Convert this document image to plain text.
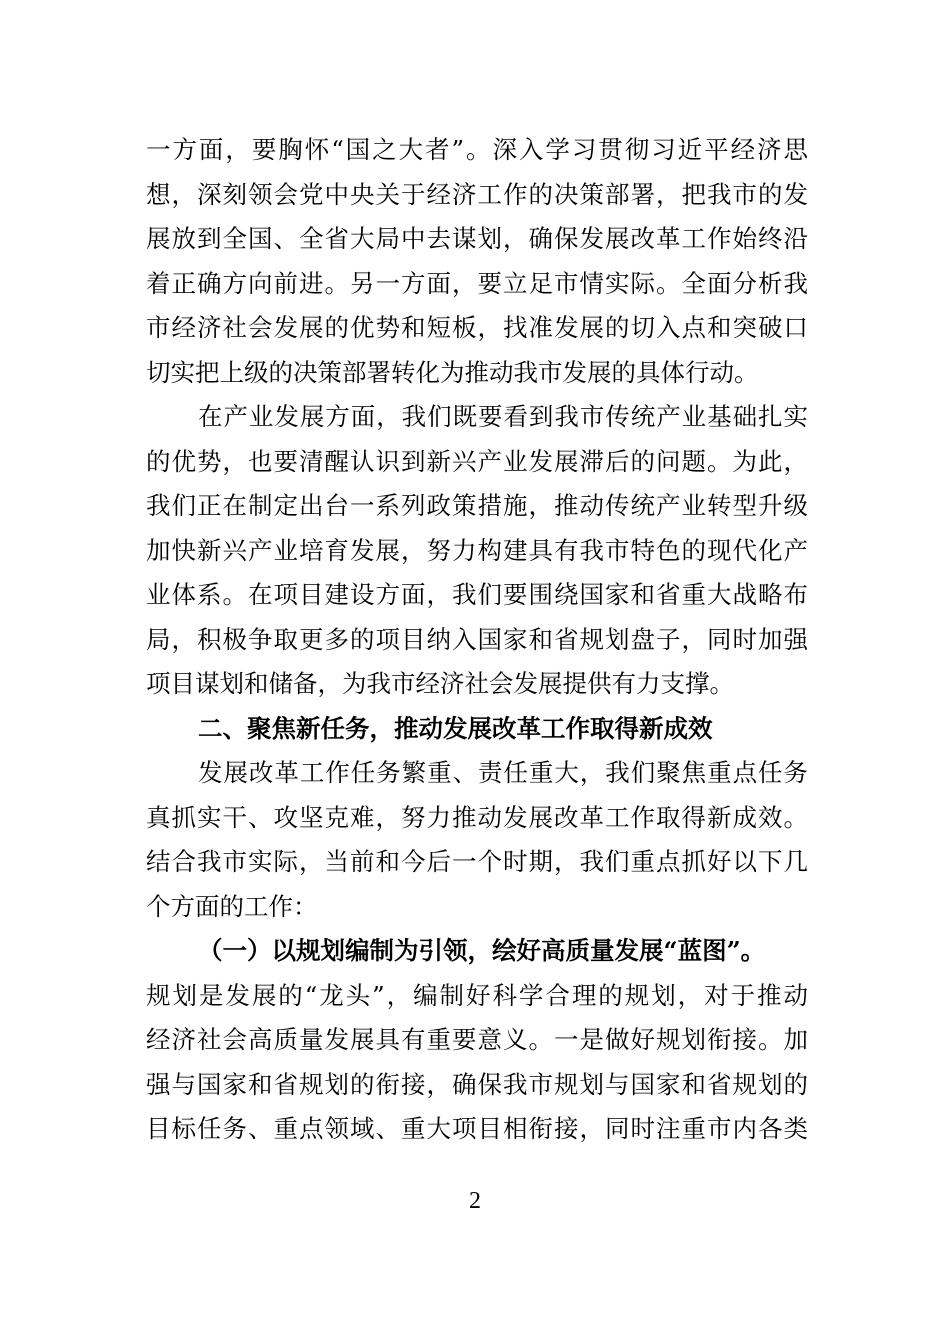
一方面，要胸怀“国之大者”。深入学习贯彻习近平经济思
想，深刻领会党中央关于经济工作的决策部署，把我市的发
展放到全国、全省大局中去谋划，确保发展改革工作始终沿
着正确方向前进。另一方面，要立足市情实际。全面分析我
市经济社会发展的优势和短板，找准发展的切入点和突破口
切实把上级的决策部署转化为推动我市发展的具体行动。
在产业发展方面，我们既要看到我市传统产业基础扎实
的优势，也要清醒认识到新兴产业发展滞后的问题。为此，
我们正在制定出台一系列政策措施，推动传统产业转型升级
加快新兴产业培育发展，努力构建具有我市特色的现代化产
业体系。在项目建设方面，我们要围绕国家和省重大战略布
局，积极争取更多的项目纳入国家和省规划盘子，同时加强
项目谋划和储备，为我市经济社会发展提供有力支撑。
二、聚焦新任务，推动发展改革工作取得新成效
发展改革工作任务繁重、责任重大，我们聚焦重点任务
真抓实干、攻坚克难，努力推动发展改革工作取得新成效。
结合我市实际，当前和今后一个时期，我们重点抓好以下几
个方面的工作：
（一）以规划编制为引领，绘好高质量发展“蓝图”。
规划是发展的“龙头”，编制好科学合理的规划，对于推动
经济社会高质量发展具有重要意义。一是做好规划衔接。加
强与国家和省规划的衔接，确保我市规划与国家和省规划的
目标任务、重点领域、重大项目相衔接，同时注重市内各类
2
